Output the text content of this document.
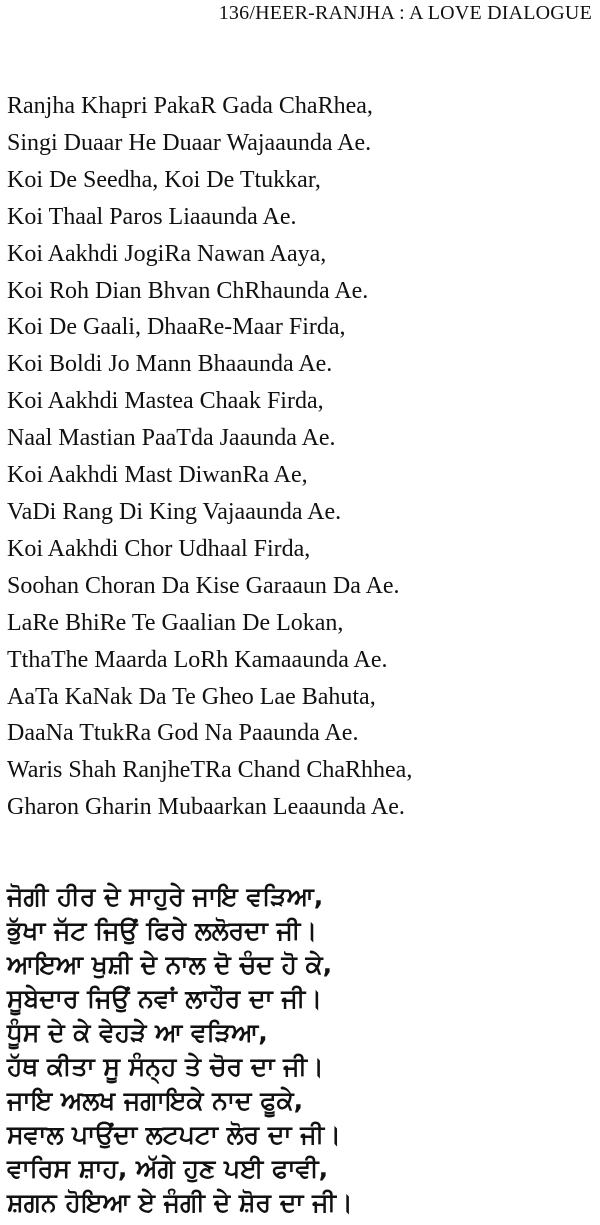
136/HEER-RANJHA : A LOVE DIALOGUE
Ranjha Khapri PakaR Gada ChaRhea,
Singi Duaar He Duaar Wajaaunda Ae.
Koi De Seedha, Koi De Ttukkar,
Koi Thaal Paros Liaaunda Ae.
Koi Aakhdi JogiRa Nawan Aaya,
Koi Roh Dian Bhvan ChRhaunda Ae.
Koi De Gaali, DhaaRe-Maar Firda,
Koi Boldi Jo Mann Bhaaunda Ae.
Koi Aakhdi Mastea Chaak Firda,
Naal Mastian PaaTda Jaaunda Ae.
Koi Aakhdi Mast DiwanRa Ae,
VaDi Rang Di King Vajaaunda Ae.
Koi Aakhdi Chor Udhaal Firda,
Soohan Choran Da Kise Garaaun Da Ae.
LaRe BhiRe Te Gaalian De Lokan,
TthaThe Maarda LoRh Kamaaunda Ae.
AaTa KaNak Da Te Gheo Lae Bahuta,
DaaNa TtukRa God Na Paaunda Ae.
Waris Shah RanjheTRa Chand ChaRhhea,
Gharon Gharin Mubaarkan Leaaunda Ae.
ਜੋਗੀ ਹੀਰ ਦੇ ਸਾਹੁਰੇ ਜਾਇ ਵੜਿਆ,
ਭੁੱਖਾ ਜੱਟ ਜਿਉਂ ਫਿਰੇ ਲਲੋਰਦਾ ਜੀ।
ਆਇਆ ਖੁਸ਼ੀ ਦੇ ਨਾਲ ਦੋ ਚੰਦ ਹੋ ਕੇ,
ਸੂਬੇਦਾਰ ਜਿਉਂ ਨਵਾਂ ਲਾਹੌਰ ਦਾ ਜੀ।
ਧੂੰਸ ਦੇ ਕੇ ਵੇਹੜੇ ਆ ਵੜਿਆ,
ਹੱਥ ਕੀਤਾ ਸੂ ਸੰਨ੍ਹ ਤੇ ਚੋਰ ਦਾ ਜੀ।
ਜਾਇ ਅਲਖ ਜਗਾਇਕੇ ਨਾਦ ਫੂਕੇ,
ਸਵਾਲ ਪਾਉਂਦਾ ਲਟਪਟਾ ਲੋਰ ਦਾ ਜੀ।
ਵਾਰਿਸ ਸ਼ਾਹ, ਅੱਗੇ ਹੁਣ ਪਈ ਫਾਵੀ,
ਸ਼ਗਨ ਹੋਇਆ ਏ ਜੰਗੀ ਦੇ ਸ਼ੋਰ ਦਾ ਜੀ।
